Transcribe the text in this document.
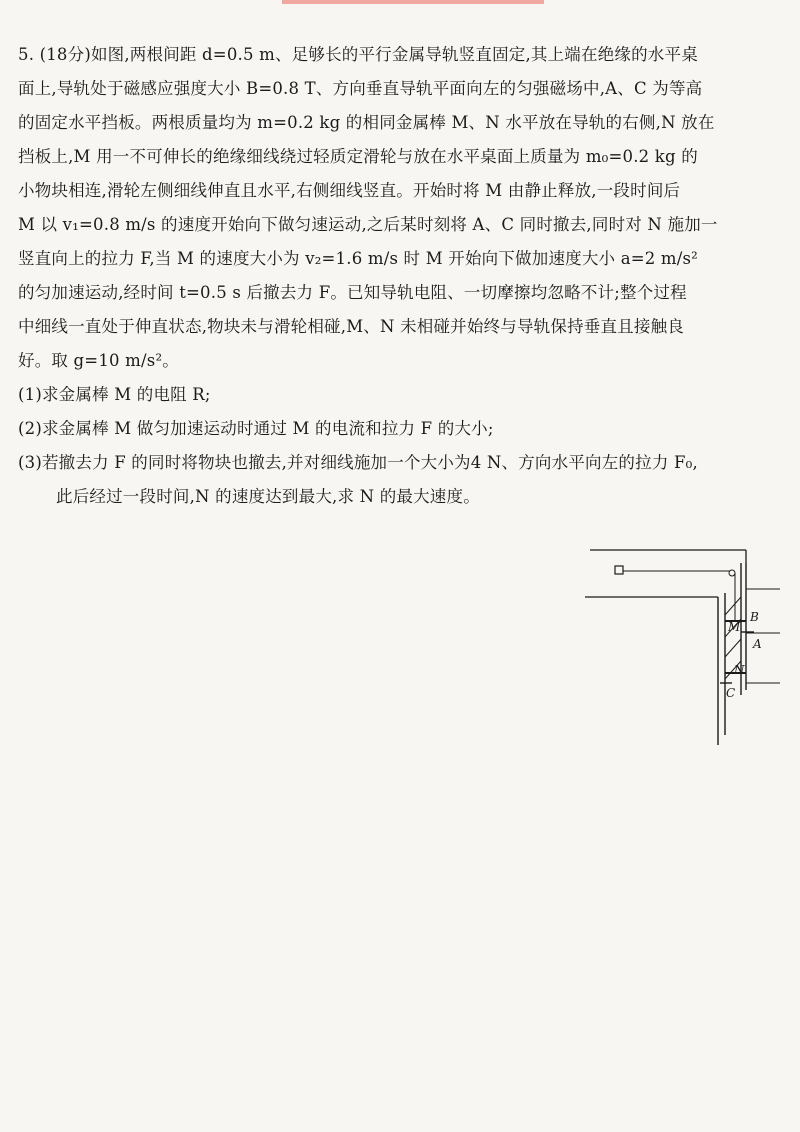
5. (18分)如图,两根间距 d=0.5 m、足够长的平行金属导轨竖直固定,其上端在绝缘的水平桌

面上,导轨处于磁感应强度大小 B=0.8 T、方向垂直导轨平面向左的匀强磁场中,A、C 为等高

的固定水平挡板。两根质量均为 m=0.2 kg 的相同金属棒 M、N 水平放在导轨的右侧,N 放在

挡板上,M 用一不可伸长的绝缘细线绕过轻质定滑轮与放在水平桌面上质量为 m₀=0.2 kg 的

小物块相连,滑轮左侧细线伸直且水平,右侧细线竖直。开始时将 M 由静止释放,一段时间后

M 以 v₁=0.8 m/s 的速度开始向下做匀速运动,之后某时刻将 A、C 同时撤去,同时对 N 施加一

竖直向上的拉力 F,当 M 的速度大小为 v₂=1.6 m/s 时 M 开始向下做加速度大小 a=2 m/s²

的匀加速运动,经时间 t=0.5 s 后撤去力 F。已知导轨电阻、一切摩擦均忽略不计;整个过程

中细线一直处于伸直状态,物块未与滑轮相碰,M、N 未相碰并始终与导轨保持垂直且接触良

好。取 g=10 m/s²。

(1)求金属棒 M 的电阻 R;

(2)求金属棒 M 做匀加速运动时通过 M 的电流和拉力 F 的大小;

(3)若撤去力 F 的同时将物块也撤去,并对细线施加一个大小为4 N、方向水平向左的拉力 F₀,

此后经过一段时间,N 的速度达到最大,求 N 的最大速度。

B
M
A
N
C
